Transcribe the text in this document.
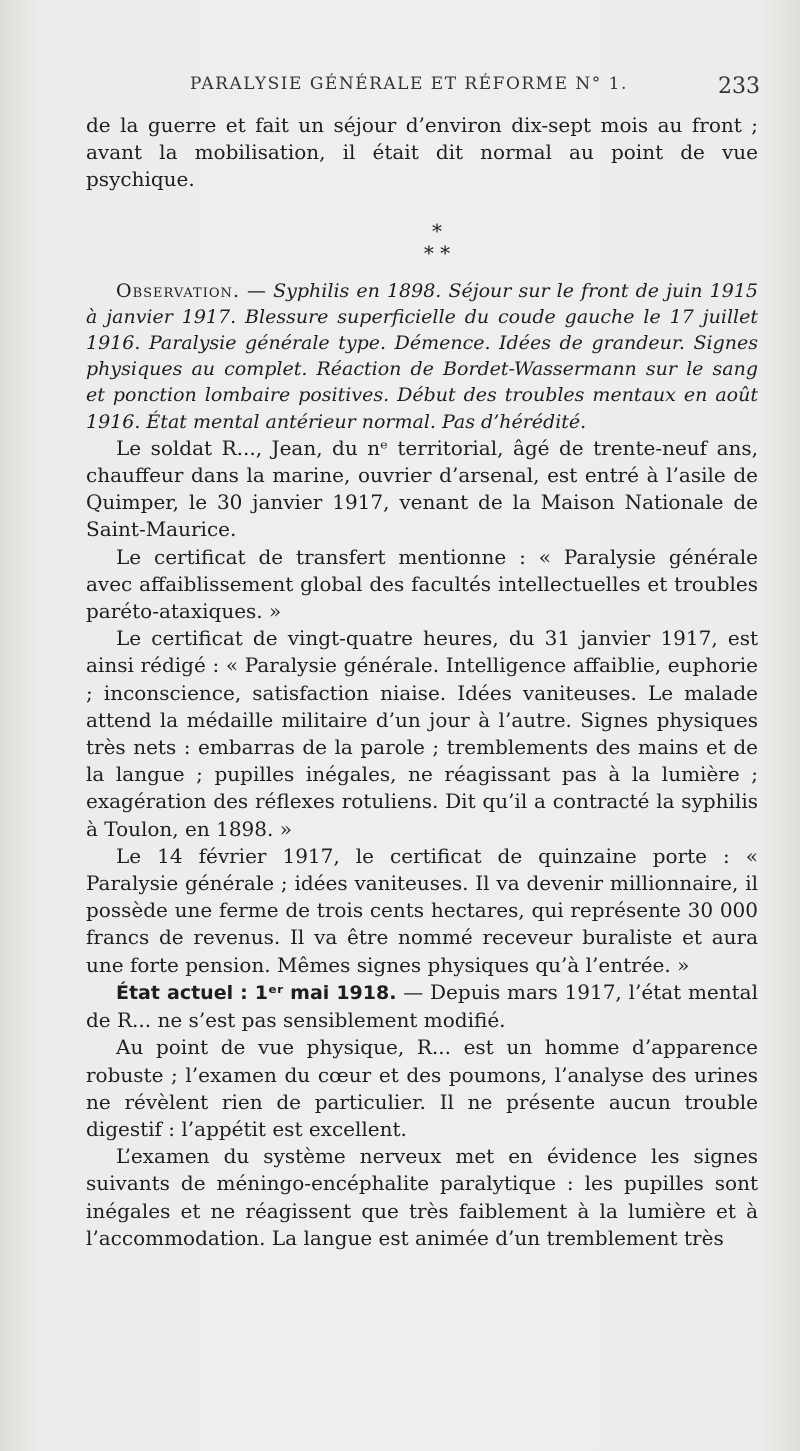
PARALYSIE GÉNÉRALE ET RÉFORME N° 1.	233

de la guerre et fait un séjour d’environ dix-sept mois au front ; avant la mobilisation, il était dit normal au point de vue psychique.

*
* *
Observation. — Syphilis en 1898. Séjour sur le front de juin 1915 à janvier 1917. Blessure superficielle du coude gauche le 17 juillet 1916. Paralysie générale type. Démence. Idées de grandeur. Signes physiques au complet. Réaction de Bordet-Wassermann sur le sang et ponction lombaire positives. Début des troubles mentaux en août 1916. État mental antérieur normal. Pas d’hérédité.

Le soldat R..., Jean, du nᵉ territorial, âgé de trente-neuf ans, chauffeur dans la marine, ouvrier d’arsenal, est entré à l’asile de Quimper, le 30 janvier 1917, venant de la Maison Nationale de Saint-Maurice.

Le certificat de transfert mentionne : « Paralysie générale avec affaiblissement global des facultés intellectuelles et troubles paréto-ataxiques. »

Le certificat de vingt-quatre heures, du 31 janvier 1917, est ainsi rédigé : « Paralysie générale. Intelligence affaiblie, euphorie ; inconscience, satisfaction niaise. Idées vaniteuses. Le malade attend la médaille militaire d’un jour à l’autre. Signes physiques très nets : embarras de la parole ; tremblements des mains et de la langue ; pupilles inégales, ne réagissant pas à la lumière ; exagération des réflexes rotuliens. Dit qu’il a contracté la syphilis à Toulon, en 1898. »

Le 14 février 1917, le certificat de quinzaine porte : « Paralysie générale ; idées vaniteuses. Il va devenir millionnaire, il possède une ferme de trois cents hectares, qui représente 30 000 francs de revenus. Il va être nommé receveur buraliste et aura une forte pension. Mêmes signes physiques qu’à l’entrée. »

État actuel : 1ᵉʳ mai 1918. — Depuis mars 1917, l’état mental de R... ne s’est pas sensiblement modifié.

Au point de vue physique, R... est un homme d’apparence robuste ; l’examen du cœur et des poumons, l’analyse des urines ne révèlent rien de particulier. Il ne présente aucun trouble digestif : l’appétit est excellent.

L’examen du système nerveux met en évidence les signes suivants de méningo-encéphalite paralytique : les pupilles sont inégales et ne réagissent que très faiblement à la lumière et à l’accommodation. La langue est animée d’un tremblement très
